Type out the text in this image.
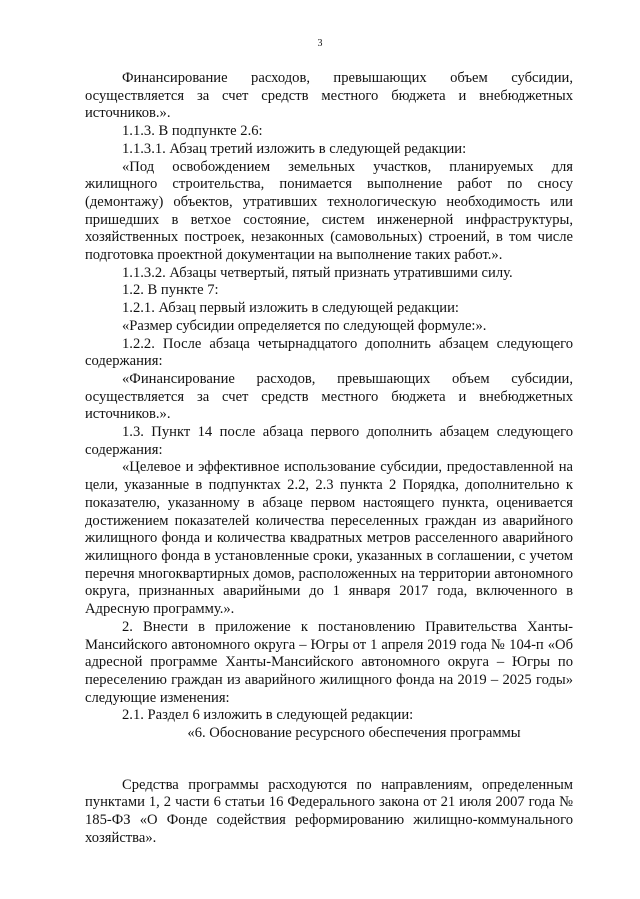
3

Финансирование расходов, превышающих объем субсидии, осуществляется за счет средств местного бюджета и внебюджетных источников.».

1.1.3. В подпункте 2.6:

1.1.3.1. Абзац третий изложить в следующей редакции:

«Под освобождением земельных участков, планируемых для жилищного строительства, понимается выполнение работ по сносу (демонтажу) объектов, утративших технологическую необходимость или пришедших в ветхое состояние, систем инженерной инфраструктуры, хозяйственных построек, незаконных (самовольных) строений, в том числе подготовка проектной документации на выполнение таких работ.».

1.1.3.2. Абзацы четвертый, пятый признать утратившими силу.

1.2. В пункте 7:

1.2.1. Абзац первый изложить в следующей редакции:

«Размер субсидии определяется по следующей формуле:».

1.2.2. После абзаца четырнадцатого дополнить абзацем следующего содержания:

«Финансирование расходов, превышающих объем субсидии, осуществляется за счет средств местного бюджета и внебюджетных источников.».

1.3. Пункт 14 после абзаца первого дополнить абзацем следующего содержания:

«Целевое и эффективное использование субсидии, предоставленной на цели, указанные в подпунктах 2.2, 2.3 пункта 2 Порядка, дополнительно к показателю, указанному в абзаце первом настоящего пункта, оценивается достижением показателей количества переселенных граждан из аварийного жилищного фонда и количества квадратных метров расселенного аварийного жилищного фонда в установленные сроки, указанных в соглашении, с учетом перечня многоквартирных домов, расположенных на территории автономного округа, признанных аварийными до 1 января 2017 года, включенного в Адресную программу.».

2. Внести в приложение к постановлению Правительства Ханты-Мансийского автономного округа – Югры от 1 апреля 2019 года № 104-п «Об адресной программе Ханты-Мансийского автономного округа – Югры по переселению граждан из аварийного жилищного фонда на 2019 – 2025 годы» следующие изменения:

2.1. Раздел 6 изложить в следующей редакции:

«6. Обоснование ресурсного обеспечения программы

Средства программы расходуются по направлениям, определенным пунктами 1, 2 части 6 статьи 16 Федерального закона от 21 июля 2007 года № 185-ФЗ «О Фонде содействия реформированию жилищно-коммунального хозяйства».
